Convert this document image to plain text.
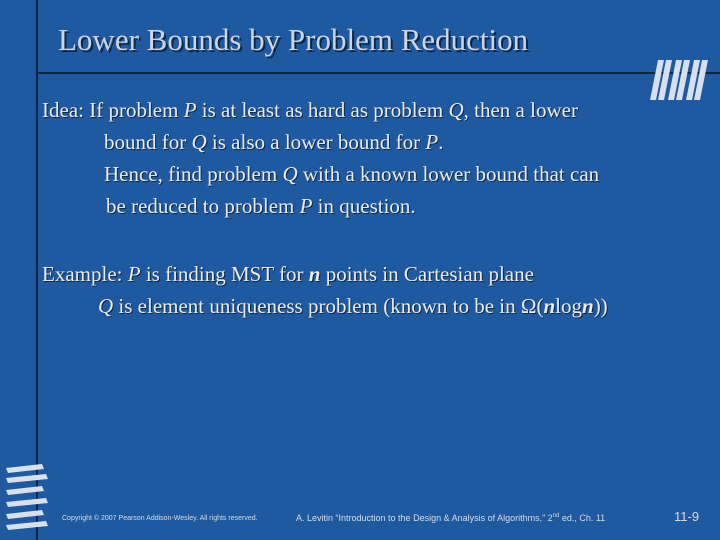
Lower Bounds by Problem Reduction
Idea: If problem P is at least as hard as problem Q, then a lower
bound for Q is also a lower bound for P.
Hence, find problem Q with a known lower bound that can
be reduced to problem P in question.
Example: P is finding MST for n points in Cartesian plane
Q is element uniqueness problem (known to be in Ω(nlogn))
Copyright © 2007 Pearson Addison-Wesley. All rights reserved.	A. Levitin “Introduction to the Design & Analysis of Algorithms,” 2nd ed., Ch. 11	11-9
